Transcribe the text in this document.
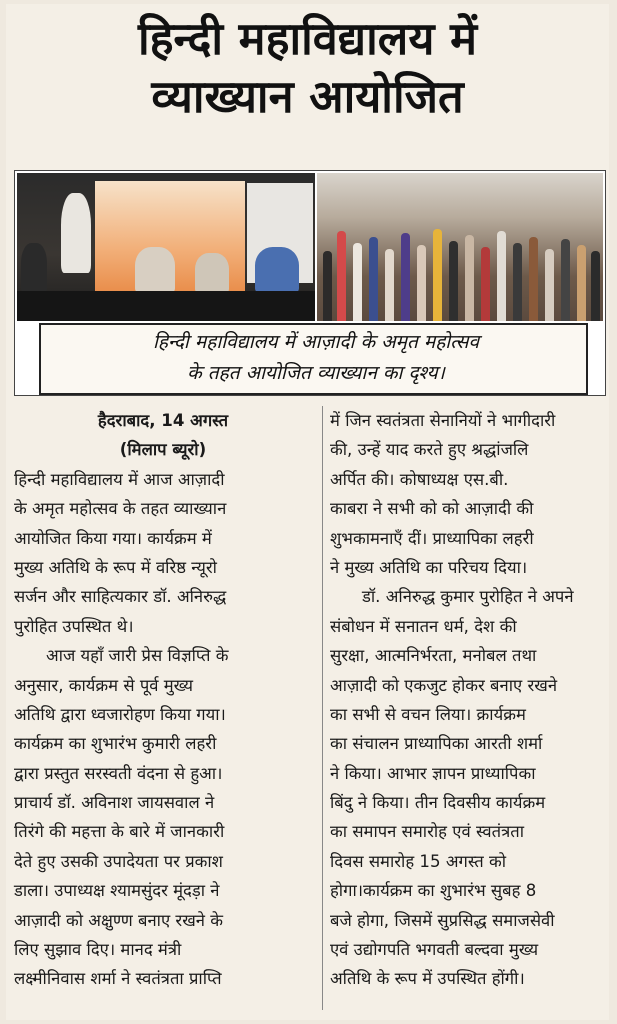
हिन्दी महाविद्यालय में
व्याख्यान आयोजित
हिन्दी महाविद्यालय में आज़ादी के अमृत महोत्सव
के तहत आयोजित व्याख्यान का दृश्य।
हैदराबाद, 14 अगस्त
(मिलाप ब्यूरो)
हिन्दी महाविद्यालय में आज आज़ादी
के अमृत महोत्सव के तहत व्याख्यान
आयोजित किया गया। कार्यक्रम में
मुख्य अतिथि के रूप में वरिष्ठ न्यूरो
सर्जन और साहित्यकार डॉ. अनिरुद्ध
पुरोहित उपस्थित थे।
आज यहाँ जारी प्रेस विज्ञप्ति के
अनुसार, कार्यक्रम से पूर्व मुख्य
अतिथि द्वारा ध्वजारोहण किया गया।
कार्यक्रम का शुभारंभ कुमारी लहरी
द्वारा प्रस्तुत सरस्वती वंदना से हुआ।
प्राचार्य डॉ. अविनाश जायसवाल ने
तिरंगे की महत्ता के बारे में जानकारी
देते हुए उसकी उपादेयता पर प्रकाश
डाला। उपाध्यक्ष श्यामसुंदर मूंदड़ा ने
आज़ादी को अक्षुण्ण बनाए रखने के
लिए सुझाव दिए। मानद मंत्री
लक्ष्मीनिवास शर्मा ने स्वतंत्रता प्राप्ति
में जिन स्वतंत्रता सेनानियों ने भागीदारी
की, उन्हें याद करते हुए श्रद्धांजलि
अर्पित की। कोषाध्यक्ष एस.बी.
काबरा ने सभी को को आज़ादी की
शुभकामनाएँ दीं। प्राध्यापिका लहरी
ने मुख्य अतिथि का परिचय दिया।
डॉ. अनिरुद्ध कुमार पुरोहित ने अपने
संबोधन में सनातन धर्म, देश की
सुरक्षा, आत्मनिर्भरता, मनोबल तथा
आज़ादी को एकजुट होकर बनाए रखने
का सभी से वचन लिया। क्रार्यक्रम
का संचालन प्राध्यापिका आरती शर्मा
ने किया। आभार ज्ञापन प्राध्यापिका
बिंदु ने किया। तीन दिवसीय कार्यक्रम
का समापन समारोह एवं स्वतंत्रता
दिवस समारोह 15 अगस्त को
होगा।कार्यक्रम का शुभारंभ सुबह 8
बजे होगा, जिसमें सुप्रसिद्ध समाजसेवी
एवं उद्योगपति भगवती बल्दवा मुख्य
अतिथि के रूप में उपस्थित होंगी।
